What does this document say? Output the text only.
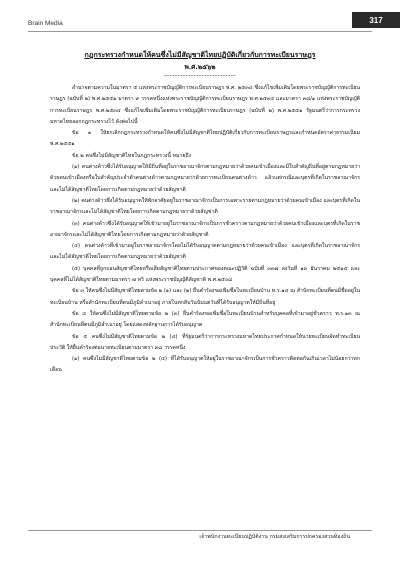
Brain Media	317
กฎกระทรวงกำหนดให้คนซึ่งไม่มีสัญชาติไทยปฏิบัติเกี่ยวกับการทะเบียนราษฎร
พ.ศ.๒๕๖๒
---------------------------

อำนาจตามความในมาตรา ๕ แห่งพระราชบัญญัติการทะเบียนราษฎร พ.ศ. ๒๕๓๔ ซึ่งแก้ไขเพิ่มเติมโดยพระราชบัญญัติการทะเบียนราษฎร (ฉบับที่ ๒) พ.ศ.๒๕๕๑ มาตรา ๙ วรรคหนึ่งแห่งพระราชบัญญัติการทะเบียนราษฎร พ.ศ.๒๕๓๔ และมาตรา ๓๘/๑ แห่งพระราชบัญญัติการทะเบียนราษฎร พ.ศ.๒๕๓๔ ซึ่งแก้ไขเพิ่มเติมโดยพระราชบัญญัติการทะเบียนราษฎร (ฉบับที่ ๒) พ.ศ.๒๕๕๑ รัฐมนตรีว่าการกระทรวงมหาดไทยออกกฎกระทรวงไว้ ดังต่อไปนี้

ข้อ ๑ ให้ยกเลิกกฎกระทรวงกำหนดให้คนซึ่งไม่มีสัญชาติไทยปฏิบัติเกี่ยวกับการทะเบียนราษฎรและกำหนดอัตราค่าธรรมเนียม พ.ศ.๒๕๕๑

ข้อ ๒ คนซึ่งไม่มีสัญชาติไทยในกฎกระทรวงนี้ หมายถึง

(๑) คนต่างด้าวซึ่งได้รับอนุญาตให้มีถิ่นที่อยู่ในราชอาณาจักรตามกฎหมายว่าด้วยคนเข้าเมืองและมีใบสำคัญถิ่นที่อยู่ตามกฎหมายว่าด้วยคนเข้าเมืองหรือใบสำคัญประจำตัวคนต่างด้าวตามกฎหมายว่าด้วยการทะเบียนคนต่างด้าว แล้วแต่กรณีและบุตรที่เกิดในราชอาณาจักรและไม่ได้สัญชาติไทยโดยการเกิดตามกฎหมายว่าด้วยสัญชาติ

(๒) คนต่างด้าวซึ่งได้รับอนุญาตให้พักอาศัยอยู่ในราชอาณาจักรเป็นการเฉพาะรายตามกฎหมายว่าด้วยคนเข้าเมือง และบุตรที่เกิดในราชอาณาจักรและไม่ได้สัญชาติไทยโดยการเกิดตามกฎหมายว่าด้วยสัญชาติ

(๓) คนต่างด้าวซึ่งได้รับอนุญาตให้เข้ามาอยู่ในราชอาณาจักรเป็นการชั่วคราวตามกฎหมายว่าด้วยคนเข้าเมืองและบุตรที่เกิดในราชอาณาจักรและไม่ได้สัญชาติไทยโดยการเกิดตามกฎหมายว่าด้วยสัญชาติ

(๔) คนต่างด้าวที่เข้ามาอยู่ในราชอาณาจักรโดยไม่ได้รับอนุญาตตามกฎหมายว่าด้วยคนเข้าเมือง และบุตรที่เกิดในราชอาณาจักรและไม่ได้สัญชาติไทยโดยการเกิดตามกฎหมายว่าด้วยสัญชาติ

(๕) บุคคลที่ถูกถอนสัญชาติไทยหรือเสียสัญชาติไทยตามประกาศของคณะปฏิวัติ ฉบับที่ ๓๓๗ ลงวันที่ ๑๓ ธันวาคม ๒๕๑๕ และบุคคลที่ไม่ได้สัญชาติไทยตามมาตรา ๗ ทวิ แห่งพระราชบัญญัติสัญชาติ พ.ศ.๒๕๐๘

ข้อ ๓ ให้คนซึ่งไม่มีสัญชาติไทยตามข้อ ๒ (๑) และ (๒) ยื่นคำร้องขอเพิ่มชื่อในทะเบียนบ้าน ท.ร.๑๔ ณ สำนักทะเบียนที่ตนมีชื่ออยู่ในทะเบียนบ้าน หรือสำนักทะเบียนที่ตนมีภูมิลำเนาอยู่ ภายในหกสิบวันนับแต่วันที่ได้รับอนุญาตให้มีถิ่นที่อยู่

ข้อ ๔ ให้คนซึ่งไม่มีสัญชาติไทยตามข้อ ๒ (๓) ยื่นคำร้องขอเพิ่มชื่อในทะเบียนบ้านสำหรับบุคคลที่เข้ามาอยู่ชั่วคราว ท.ร.๑๓ ณ สำนักทะเบียนที่ตนมีภูมิลำเนาอยู่ โดยแสดงหลักฐานการได้รับอนุญาต

ข้อ ๕ คนซึ่งไม่มีสัญชาติไทยตามข้อ ๒ (๔) ที่รัฐมนตรีว่าการกระทรวงมหาดไทยประกาศกำหนดให้นายทะเบียนจัดทำทะเบียนประวัติ ให้ยื่นคำร้องต่อนายทะเบียนตามมาตรา ๓๘ วรรคหนึ่ง

(๑) คนซึ่งไม่มีสัญชาติไทยตามข้อ ๒ (๔) ที่ได้รับอนุญาตให้อยู่ในราชอาณาจักรเป็นการชั่วคราวติดต่อกันเกินเวลาไม่น้อยกว่าหกเดือน

เจ้าพนักงานทะเบียนปฏิบัติงาน กรมส่งเสริมการปกครองส่วนท้องถิ่น
